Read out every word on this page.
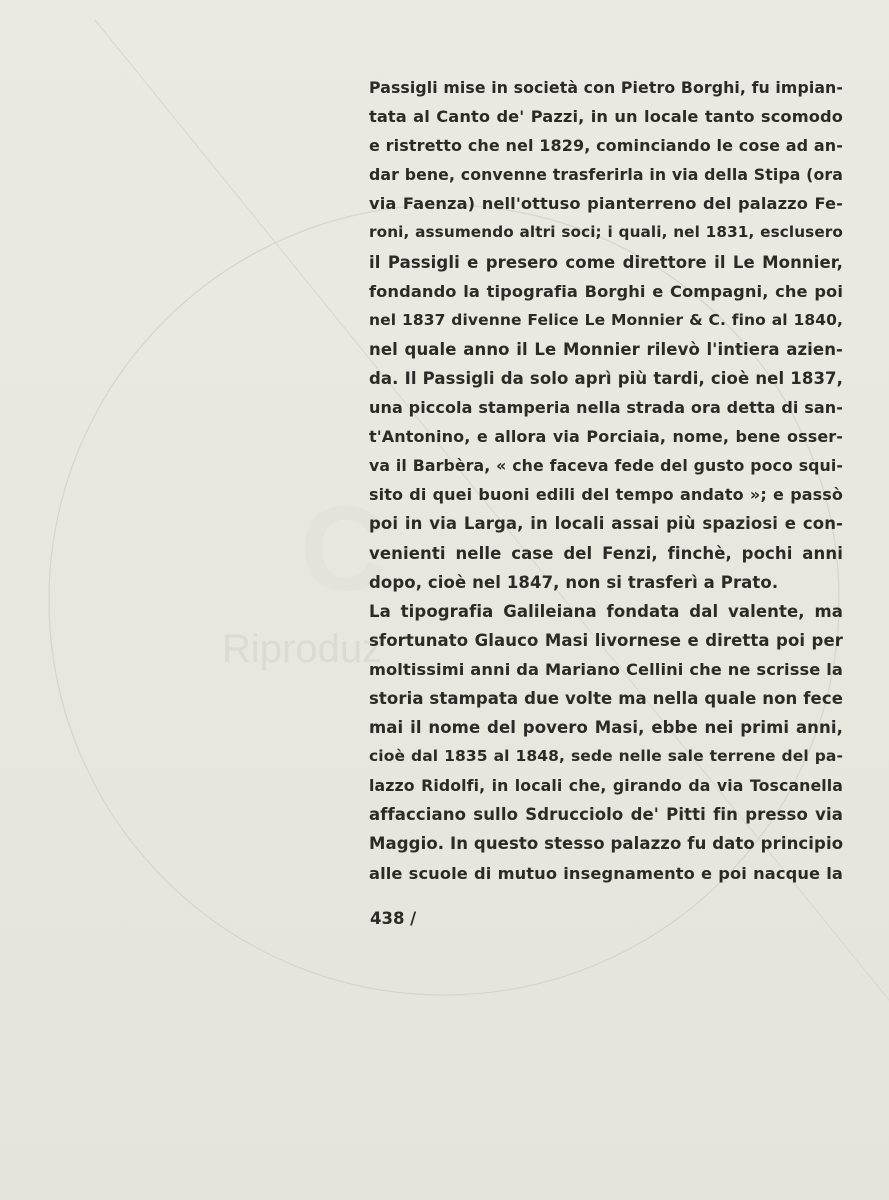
Riproduz
C
Passigli mise in società con Pietro Borghi, fu impian-
tata al Canto de' Pazzi, in un locale tanto scomodo
e ristretto che nel 1829, cominciando le cose ad an-
dar bene, convenne trasferirla in via della Stipa (ora
via Faenza) nell'ottuso pianterreno del palazzo Fe-
roni, assumendo altri soci; i quali, nel 1831, esclusero
il Passigli e presero come direttore il Le Monnier,
fondando la tipografia Borghi e Compagni, che poi
nel 1837 divenne Felice Le Monnier & C. fino al 1840,
nel quale anno il Le Monnier rilevò l'intiera azien-
da. Il Passigli da solo aprì più tardi, cioè nel 1837,
una piccola stamperia nella strada ora detta di san-
t'Antonino, e allora via Porciaia, nome, bene osser-
va il Barbèra, « che faceva fede del gusto poco squi-
sito di quei buoni edili del tempo andato »; e passò
poi in via Larga, in locali assai più spaziosi e con-
venienti nelle case del Fenzi, finchè, pochi anni
dopo, cioè nel 1847, non si trasferì a Prato.
La tipografia Galileiana fondata dal valente, ma
sfortunato Glauco Masi livornese e diretta poi per
moltissimi anni da Mariano Cellini che ne scrisse la
storia stampata due volte ma nella quale non fece
mai il nome del povero Masi, ebbe nei primi anni,
cioè dal 1835 al 1848, sede nelle sale terrene del pa-
lazzo Ridolfi, in locali che, girando da via Toscanella
affacciano sullo Sdrucciolo de' Pitti fin presso via
Maggio. In questo stesso palazzo fu dato principio
alle scuole di mutuo insegnamento e poi nacque la
438 /
